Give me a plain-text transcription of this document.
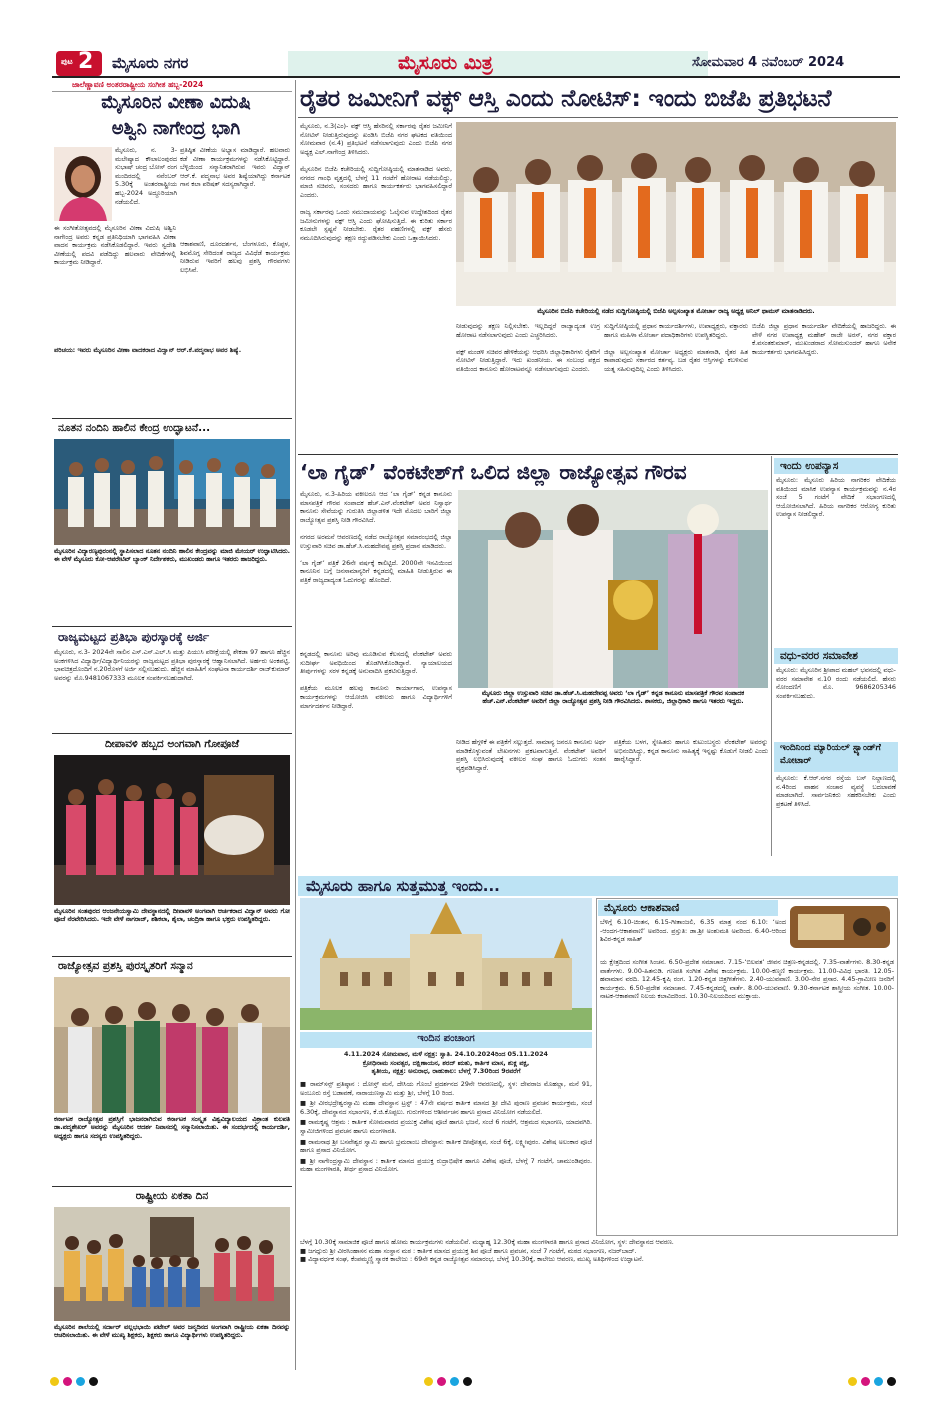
ಪುಟ 2 ಮೈಸೂರು ನಗರ	ಮೈಸೂರು ಮಿತ್ರ	ಸೋಮವಾರ 4 ನವೆಂಬರ್ 2024
ಜಾಲೆಣ್ಣಾವಣಿ ಅಂತರರಾಷ್ಟ್ರೀಯ ಸಂಗೀತ ಹಬ್ಬ-2024
ಮೈಸೂರಿನ ವೀಣಾ ವಿದುಷಿ
ಅಶ್ವಿನಿ ನಾಗೇಂದ್ರ ಭಾಗಿ
ಮೈಸೂರು, ನ. 3- ಮಲೇಷ್ಯಾದ ಕೌಲಾಲಂಪುರದ ಸುಭಾಷ್ ಚಂದ್ರ ಬೋಸ್ ರಂಗ ಮಂದಿರದಲ್ಲಿ ನವೆಂಬರ್ 5.30ಕ್ಕೆ ಅಂತರರಾಷ್ಟ್ರೀಯ ಹಬ್ಬ-2024 ಅದ್ದೂರಿಯಾಗಿ ನಡೆಯಲಿದೆ.
ಈ ಸಂಗೀತೋತ್ಸವದಲ್ಲಿ ಮೈಸೂರಿನ ವೀಣಾ ವಿದುಷಿ ಅಶ್ವಿನಿ ನಾಗೇಂದ್ರ ಅವರು ಕನ್ನಡ ಪ್ರತಿನಿಧಿಯಾಗಿ ಭಾಗವಹಿಸಿ ವೀಣಾ ವಾದನ ಕಾರ್ಯಕ್ರಮ ನಡೆಸಿಕೊಡಲಿದ್ದಾರೆ. ಇವರು ಸ್ವದೇಶಿ ವೀಣೆಯಲ್ಲಿ ಪದವಿ ಪಡೆದಿದ್ದು ಹಲವಾರು ವೇದಿಕೆಗಳಲ್ಲಿ ಕಾರ್ಯಕ್ರಮ ನೀಡಿದ್ದಾರೆ.
ಪ್ರತಿಷ್ಠಿತ ವೀಣೆಯ ಅಭ್ಯಾಸ ಮಾಡಿದ್ದಾರೆ. ಹಲವಾರು ಕಡೆ ವೀಣಾ ಕಾರ್ಯಕ್ರಮಗಳನ್ನು ನಡೆಸಿಕೊಟ್ಟಿದ್ದಾರೆ. ಬೆಳ್ಳಿಯಿಂದ ಸನ್ಮಾನಿತರಾಗಿರುವ ಇವರು ವಿದ್ವಾನ್ ಆರ್.ಕೆ. ಪದ್ಮನಾಭ ಅವರ ಶಿಷ್ಯೆಯಾಗಿದ್ದು ಕರ್ನಾಟಕ ಗಾನ ಕಲಾ ಪರಿಷತ್ ಸದಸ್ಯರಾಗಿದ್ದಾರೆ.
ಆಕಾಶವಾಣಿ, ದೂರದರ್ಶನ, ಬೆಂಗಳೂರು, ಕೊಪ್ಪಳ, ಶಿವಮೊಗ್ಗ ಸೇರಿದಂತೆ ರಾಜ್ಯದ ವಿವಿಧೆಡೆ ಕಾರ್ಯಕ್ರಮ ನೀಡಿರುವ ಇವರಿಗೆ ಹಲವು ಪ್ರಶಸ್ತಿ ಗೌರವಗಳು ಲಭಿಸಿವೆ.
ಪರಿಚಯ: ಇವರು ಮೈಸೂರಿನ ವೀಣಾ ವಾದಕರಾದ ವಿದ್ವಾನ್ ಆರ್.ಕೆ.ಪದ್ಮನಾಭ ಅವರ ಶಿಷ್ಯೆ.
ನೂತನ ನಂದಿನಿ ಹಾಲಿನ ಕೇಂದ್ರ ಉದ್ಘಾಟನೆ...
ಮೈಸೂರಿನ ವಿದ್ಯಾರಣ್ಯಪುರಂನಲ್ಲಿ ಸ್ಥಾಪಿಸಲಾದ ನೂತನ ನಂದಿನಿ ಹಾಲಿನ ಕೇಂದ್ರವನ್ನು ಮಾಜಿ ಮೇಯರ್ ಉದ್ಘಾಟಿಸಿದರು. ಈ ವೇಳೆ ಮೈಸೂರು ಕೋ-ಆಪರೇಟಿವ್ ಬ್ಯಾಂಕ್ ನಿರ್ದೇಶಕರು, ಮುಖಂಡರು ಹಾಗೂ ಇತರರು ಹಾಜರಿದ್ದರು.
ರಾಜ್ಯಮಟ್ಟದ ಪ್ರತಿಭಾ ಪುರಸ್ಕಾರಕ್ಕೆ ಅರ್ಜಿ
ಮೈಸೂರು, ನ.3- 2024ನೇ ಸಾಲಿನ ಎಸ್.ಎಸ್.ಎಲ್.ಸಿ ಮತ್ತು ಪಿಯುಸಿ ಪರೀಕ್ಷೆಯಲ್ಲಿ ಶೇಕಡಾ 97 ಹಾಗೂ ಹೆಚ್ಚಿನ ಅಂಕಗಳಿಸಿದ ವಿದ್ಯಾರ್ಥಿ/ವಿದ್ಯಾರ್ಥಿನಿಯರನ್ನು ರಾಜ್ಯಮಟ್ಟದ ಪ್ರತಿಭಾ ಪುರಸ್ಕಾರಕ್ಕೆ ಆಹ್ವಾನಿಸಲಾಗಿದೆ. ಅರ್ಹರು ಅಂಕಪಟ್ಟಿ, ಭಾವಚಿತ್ರದೊಂದಿಗೆ ನ.20ರೊಳಗೆ ಅರ್ಜಿ ಸಲ್ಲಿಸಬಹುದು. ಹೆಚ್ಚಿನ ಮಾಹಿತಿಗೆ ಸಂಘಟನಾ ಕಾರ್ಯದರ್ಶಿ ರಾಜ್‌ಕುಮಾರ್ ಅವರನ್ನು ಮೊ.9481067333 ಮೂಲಕ ಸಂಪರ್ಕಿಸಬಹುದಾಗಿದೆ.
ದೀಪಾವಳಿ ಹಬ್ಬದ ಅಂಗವಾಗಿ ಗೋಪೂಜೆ
ಮೈಸೂರಿನ ಸಂತಪುರದ ಆಂಜನೇಯಸ್ವಾಮಿ ದೇವಸ್ಥಾನದಲ್ಲಿ ದೀಪಾವಳಿ ಅಂಗವಾಗಿ ಆರ್ಚಕರಾದ ವಿದ್ವಾನ್ ಅವರು ಗೋ ಪೂಜೆ ನೆರವೇರಿಸಿದರು. ಇದೇ ವೇಳೆ ನಾಗರಾಜ್, ಶಶಿಕಲಾ, ಶೈಲಾ, ಚಂದ್ರಿಕಾ ಹಾಗೂ ಭಕ್ತರು ಉಪಸ್ಥಿತರಿದ್ದರು.
ರಾಜ್ಯೋತ್ಸವ ಪ್ರಶಸ್ತಿ ಪುರಸ್ಕೃತರಿಗೆ ಸನ್ಮಾನ
ಕರ್ನಾಟಕ ರಾಜ್ಯೋತ್ಸವ ಪ್ರಶಸ್ತಿಗೆ ಭಾಜನರಾಗಿರುವ ಕರ್ನಾಟಕ ಸಂಸ್ಕೃತ ವಿಶ್ವವಿದ್ಯಾಲಯದ ವಿಶ್ರಾಂತ ಕುಲಪತಿ ಡಾ.ಪದ್ಮಶೇಖರ್ ಅವರನ್ನು ಮೈಸೂರಿನ ಆದರ್ಶ ನಿವಾಸದಲ್ಲಿ ಸನ್ಮಾನಿಸಲಾಯಿತು. ಈ ಸಂದರ್ಭದಲ್ಲಿ ಕಾರ್ಯದರ್ಶಿ, ಅಧ್ಯಕ್ಷರು ಹಾಗೂ ಸದಸ್ಯರು ಉಪಸ್ಥಿತರಿದ್ದರು.
ರಾಷ್ಟ್ರೀಯ ಏಕತಾ ದಿನ
ಮೈಸೂರಿನ ಶಾಲೆಯಲ್ಲಿ ಸರ್ದಾರ್ ವಲ್ಲಭಭಾಯಿ ಪಟೇಲ್ ಅವರ ಜನ್ಮದಿನದ ಅಂಗವಾಗಿ ರಾಷ್ಟ್ರೀಯ ಏಕತಾ ದಿನವನ್ನು ಆಚರಿಸಲಾಯಿತು. ಈ ವೇಳೆ ಮುಖ್ಯ ಶಿಕ್ಷಕರು, ಶಿಕ್ಷಕರು ಹಾಗೂ ವಿದ್ಯಾರ್ಥಿಗಳು ಉಪಸ್ಥಿತರಿದ್ದರು.
ರೈತರ ಜಮೀನಿಗೆ ವಕ್ಫ್ ಆಸ್ತಿ ಎಂದು ನೋಟಿಸ್: ಇಂದು ಬಿಜೆಪಿ ಪ್ರತಿಭಟನೆ
ಮೈಸೂರು, ನ.3(ಎಂ)- ವಕ್ಫ್ ಆಸ್ತಿ ಹೆಸರಿನಲ್ಲಿ ಸರ್ಕಾರವು ರೈತರ ಜಮೀನಿಗೆ ನೋಟಿಸ್ ನೀಡುತ್ತಿರುವುದನ್ನು ಖಂಡಿಸಿ ಬಿಜೆಪಿ ನಗರ ಘಟಕದ ವತಿಯಿಂದ ಸೋಮವಾರ (ನ.4) ಪ್ರತಿಭಟನೆ ನಡೆಸಲಾಗುವುದು ಎಂದು ಬಿಜೆಪಿ ನಗರ ಅಧ್ಯಕ್ಷ ಎಲ್.ನಾಗೇಂದ್ರ ತಿಳಿಸಿದರು.

ಮೈಸೂರಿನ ಬಿಜೆಪಿ ಕಚೇರಿಯಲ್ಲಿ ಸುದ್ದಿಗೋಷ್ಠಿಯಲ್ಲಿ ಮಾತನಾಡಿದ ಅವರು, ನಗರದ ಗಾಂಧಿ ವೃತ್ತದಲ್ಲಿ ಬೆಳಗ್ಗೆ 11 ಗಂಟೆಗೆ ಹೋರಾಟ ನಡೆಯಲಿದ್ದು, ಮಾಜಿ ಸಚಿವರು, ಸಂಸದರು ಹಾಗೂ ಕಾರ್ಯಕರ್ತರು ಭಾಗವಹಿಸಲಿದ್ದಾರೆ ಎಂದರು.

ರಾಜ್ಯ ಸರ್ಕಾರವು ಒಂದು ಸಮುದಾಯವನ್ನು ಓಲೈಸುವ ಉದ್ದೇಶದಿಂದ ರೈತರ ಜಮೀನುಗಳನ್ನು ವಕ್ಫ್ ಆಸ್ತಿ ಎಂದು ಘೋಷಿಸುತ್ತಿದೆ. ಈ ಕುರಿತು ಸರ್ಕಾರ ಕೂಡಲೇ ಸ್ಪಷ್ಟನೆ ನೀಡಬೇಕು. ರೈತರ ಪಹಣಿಗಳಲ್ಲಿ ವಕ್ಫ್ ಹೆಸರು ನಮೂದಿಸಿರುವುದನ್ನು ತಕ್ಷಣ ರದ್ದುಪಡಿಸಬೇಕು ಎಂದು ಒತ್ತಾಯಿಸಿದರು.
ಮೈಸೂರಿನ ಬಿಜೆಪಿ ಕಚೇರಿಯಲ್ಲಿ ನಡೆದ ಸುದ್ದಿಗೋಷ್ಠಿಯಲ್ಲಿ ಬಿಜೆಪಿ ಅಲ್ಪಸಂಖ್ಯಾತ ಮೋರ್ಚಾ ರಾಜ್ಯ ಅಧ್ಯಕ್ಷ ಅನಿಲ್ ಥಾಮಸ್ ಮಾತನಾಡಿದರು.
ನೀಡುವುದನ್ನು ತಕ್ಷಣ ನಿಲ್ಲಿಸಬೇಕು. ಇಲ್ಲದಿದ್ದರೆ ರಾಜ್ಯಾದ್ಯಂತ ಉಗ್ರ ಹೋರಾಟ ನಡೆಸಲಾಗುವುದು ಎಂದು ಎಚ್ಚರಿಸಿದರು.

ವಕ್ಫ್ ಮಂಡಳಿ ಸಚಿವರ ಹೇಳಿಕೆಯನ್ನು ಆಧರಿಸಿ ಜಿಲ್ಲಾಧಿಕಾರಿಗಳು ರೈತರಿಗೆ ನೋಟಿಸ್ ನೀಡುತ್ತಿದ್ದಾರೆ. ಇದು ಖಂಡನೀಯ. ಈ ಸಂಬಂಧ ಪಕ್ಷದ ವತಿಯಿಂದ ಕಾನೂನು ಹೋರಾಟವನ್ನೂ ನಡೆಸಲಾಗುವುದು ಎಂದರು.
ಸುದ್ದಿಗೋಷ್ಠಿಯಲ್ಲಿ ಪ್ರಧಾನ ಕಾರ್ಯದರ್ಶಿಗಳು, ಉಪಾಧ್ಯಕ್ಷರು, ವಕ್ತಾರರು ಹಾಗೂ ಮಹಿಳಾ ಮೋರ್ಚಾ ಪದಾಧಿಕಾರಿಗಳು ಉಪಸ್ಥಿತರಿದ್ದರು.

ಜಿಲ್ಲಾ ಅಲ್ಪಸಂಖ್ಯಾತ ಮೋರ್ಚಾ ಅಧ್ಯಕ್ಷರು ಮಾತನಾಡಿ, ರೈತರ ಹಿತ ಕಾಪಾಡುವುದು ಸರ್ಕಾರದ ಕರ್ತವ್ಯ. ಬಡ ರೈತರ ಆಸ್ತಿಗಳನ್ನು ಕಬಳಿಸುವ ಯತ್ನ ಸಹಿಸುವುದಿಲ್ಲ ಎಂದು ತಿಳಿಸಿದರು.
ಬಿಜೆಪಿ ಜಿಲ್ಲಾ ಪ್ರಧಾನ ಕಾರ್ಯದರ್ಶಿ ವೇದಿಕೆಯಲ್ಲಿ ಹಾಜರಿದ್ದರು. ಈ ವೇಳೆ ನಗರ ಉಪಾಧ್ಯಕ್ಷ ಮಹೇಶ್ ರಾಜೇ ಅರಸ್, ನಗರ ವಕ್ತಾರ ಕೆ.ವಸಂತಕುಮಾರ್, ಮುಖಂಡರಾದ ಸೋಮಸುಂದರ್ ಹಾಗೂ ಅನೇಕ ಕಾರ್ಯಕರ್ತರು ಭಾಗವಹಿಸಿದ್ದರು.
‘ಲಾ ಗೈಡ್’ ವೆಂಕಟೇಶ್‌ಗೆ ಒಲಿದ ಜಿಲ್ಲಾ ರಾಜ್ಯೋತ್ಸವ ಗೌರವ
ಮೈಸೂರು, ನ.3-ಹಿರಿಯ ವಕೀಲರೂ ಆದ ‘ಲಾ ಗೈಡ್’ ಕನ್ನಡ ಕಾನೂನು ಮಾಸಪತ್ರಿಕೆ ಗೌರವ ಸಂಪಾದಕ ಹೆಚ್.ಎನ್.ವೆಂಕಟೇಶ್ ಅವರ ನಿಸ್ವಾರ್ಥ ಕಾನೂನು ಸೇವೆಯನ್ನು ಗುರುತಿಸಿ ಜಿಲ್ಲಾಡಳಿತ ಇದೇ ಮೊದಲ ಬಾರಿಗೆ ಜಿಲ್ಲಾ ರಾಜ್ಯೋತ್ಸವ ಪ್ರಶಸ್ತಿ ನೀಡಿ ಗೌರವಿಸಿದೆ.

ನಗರದ ಅರಮನೆ ಆವರಣದಲ್ಲಿ ನಡೆದ ರಾಜ್ಯೋತ್ಸವ ಸಮಾರಂಭದಲ್ಲಿ ಜಿಲ್ಲಾ ಉಸ್ತುವಾರಿ ಸಚಿವ ಡಾ.ಹೆಚ್.ಸಿ.ಮಹದೇವಪ್ಪ ಪ್ರಶಸ್ತಿ ಪ್ರದಾನ ಮಾಡಿದರು.

‘ಲಾ ಗೈಡ್’ ಪತ್ರಿಕೆ 26ನೇ ವರ್ಷಕ್ಕೆ ಕಾಲಿಟ್ಟಿದೆ. 2000ನೇ ಇಸವಿಯಿಂದ ಕಾನೂನಿನ ಬಗ್ಗೆ ಜನಸಾಮಾನ್ಯರಿಗೆ ಕನ್ನಡದಲ್ಲಿ ಮಾಹಿತಿ ನೀಡುತ್ತಿರುವ ಈ ಪತ್ರಿಕೆ ರಾಜ್ಯದಾದ್ಯಂತ ಓದುಗರನ್ನು ಹೊಂದಿದೆ.
ಕನ್ನಡದಲ್ಲಿ ಕಾನೂನು ಅರಿವು ಮೂಡಿಸುವ ಕೆಲಸದಲ್ಲಿ ವೆಂಕಟೇಶ್ ಅವರು ಸುದೀರ್ಘ ಅವಧಿಯಿಂದ ತೊಡಗಿಸಿಕೊಂಡಿದ್ದಾರೆ. ನ್ಯಾಯಾಲಯದ ತೀರ್ಪುಗಳನ್ನು ಸರಳ ಕನ್ನಡಕ್ಕೆ ಅನುವಾದಿಸಿ ಪ್ರಕಟಿಸುತ್ತಿದ್ದಾರೆ.

ಪತ್ರಿಕೆಯ ಮೂಲಕ ಹಲವು ಕಾನೂನು ಕಾರ್ಯಾಗಾರ, ಉಪನ್ಯಾಸ ಕಾರ್ಯಕ್ರಮಗಳನ್ನು ಆಯೋಜಿಸಿ ವಕೀಲರು ಹಾಗೂ ವಿದ್ಯಾರ್ಥಿಗಳಿಗೆ ಮಾರ್ಗದರ್ಶನ ನೀಡಿದ್ದಾರೆ.
ಮೈಸೂರು ಜಿಲ್ಲಾ ಉಸ್ತುವಾರಿ ಸಚಿವ ಡಾ.ಹೆಚ್.ಸಿ.ಮಹದೇವಪ್ಪ ಅವರು ‘ಲಾ ಗೈಡ್’ ಕನ್ನಡ ಕಾನೂನು ಮಾಸಪತ್ರಿಕೆ ಗೌರವ ಸಂಪಾದಕ ಹೆಚ್.ಎನ್.ವೆಂಕಟೇಶ್ ಅವರಿಗೆ ಜಿಲ್ಲಾ ರಾಜ್ಯೋತ್ಸವ ಪ್ರಶಸ್ತಿ ನೀಡಿ ಗೌರವಿಸಿದರು. ಶಾಸಕರು, ಜಿಲ್ಲಾಧಿಕಾರಿ ಹಾಗೂ ಇತರರು ಇದ್ದರು.
ನೀಡಿದ ಹೆಗ್ಗಳಿಕೆ ಈ ಪತ್ರಿಕೆಗೆ ಸಲ್ಲುತ್ತದೆ. ಸಾಮಾನ್ಯ ಜನರೂ ಕಾನೂನು ಅರ್ಥ ಮಾಡಿಕೊಳ್ಳುವಂತೆ ಲೇಖನಗಳು ಪ್ರಕಟವಾಗುತ್ತಿವೆ. ವೆಂಕಟೇಶ್ ಅವರಿಗೆ ಪ್ರಶಸ್ತಿ ಲಭಿಸಿರುವುದಕ್ಕೆ ವಕೀಲರ ಸಂಘ ಹಾಗೂ ಓದುಗರು ಸಂತಸ ವ್ಯಕ್ತಪಡಿಸಿದ್ದಾರೆ.
ಪತ್ರಿಕೆಯ ಬಳಗ, ಸ್ನೇಹಿತರು ಹಾಗೂ ಕುಟುಂಬಸ್ಥರು ವೆಂಕಟೇಶ್ ಅವರನ್ನು ಅಭಿನಂದಿಸಿದ್ದು, ಕನ್ನಡ ಕಾನೂನು ಸಾಹಿತ್ಯಕ್ಕೆ ಇನ್ನಷ್ಟು ಕೊಡುಗೆ ನೀಡಲಿ ಎಂದು ಹಾರೈಸಿದ್ದಾರೆ.
ಇಂದು ಉಪನ್ಯಾಸ
ಮೈಸೂರು: ಮೈಸೂರು ಹಿರಿಯ ನಾಗರಿಕರ ವೇದಿಕೆಯ ವತಿಯಿಂದ ಮಾಸಿಕ ಉಪನ್ಯಾಸ ಕಾರ್ಯಕ್ರಮವನ್ನು ನ.4ರ ಸಂಜೆ 5 ಗಂಟೆಗೆ ವೇದಿಕೆ ಸಭಾಂಗಣದಲ್ಲಿ ಆಯೋಜಿಸಲಾಗಿದೆ. ಹಿರಿಯ ನಾಗರಿಕರ ಆರೋಗ್ಯ ಕುರಿತು ಉಪನ್ಯಾಸ ನೀಡಲಿದ್ದಾರೆ.
ವಧು-ವರರ ಸಮಾವೇಶ
ಮೈಸೂರು: ಮೈಸೂರಿನ ಶ್ರೀಪಾದ ಮಹಲ್ ಭವನದಲ್ಲಿ ವಧು-ವರರ ಸಮಾವೇಶ ನ.10 ರಂದು ನಡೆಯಲಿದೆ. ಹೆಸರು ನೋಂದಣಿಗೆ ಮೊ. 9686205346 ಸಂಪರ್ಕಿಸಬಹುದು.
ಇಂದಿನಿಂದ ಮ್ಯಾರಿಯಲ್ ಸ್ಟ್ಯಾಂಡ್‌ಗೆ ಮೋಟಾರ್
ಮೈಸೂರು: ಕೆ.ಆರ್.ನಗರ ರಸ್ತೆಯ ಬಸ್ ನಿಲ್ದಾಣದಲ್ಲಿ ನ.4ರಿಂದ ವಾಹನ ಸಂಚಾರ ವ್ಯವಸ್ಥೆ ಬದಲಾವಣೆ ಮಾಡಲಾಗಿದೆ. ಸಾರ್ವಜನಿಕರು ಸಹಕರಿಸಬೇಕು ಎಂದು ಪ್ರಕಟಣೆ ತಿಳಿಸಿದೆ.
ಮೈಸೂರು ಹಾಗೂ ಸುತ್ತಮುತ್ತ ಇಂದು...
ಮೈಸೂರು ಆಕಾಶವಾಣಿ
ಬೆಳಿಗ್ಗೆ 6.10-ಚಿಂತನ, 6.15-ಗೀತಾಂಜಲಿ, 6.35 ಮಾತ್ರ ನಂದ 6.10: ‘ಅಂದ -ಆಂದಗ-ಆಕಾಶವಾಣಿ’ ಅವರಿಂದ. ಪ್ರಸ್ತುತಿ: ಡಾ.ಶ್ರೀ ಅಂಶುಮತಿ ಅವರಿಂದ. 6.40-ಆರಿಂದ ಶಿವಿರ-ಕನ್ನಡ ಸಾಹಿತ್
ಯ ಕ್ಷೇತ್ರದಿಂದ ಸಂಗೀತ ಸಿಂಚನ. 6.50-ಪ್ರದೇಶ ಸಮಾಚಾರ. 7.15-‘ಬಿಲವತ’ ಜೀವನ ಚಿತ್ರಣ-ಕನ್ನಡದಲ್ಲಿ. 7.35-ವಾರ್ತೆಗಳು. 8.30-ಕನ್ನಡ ವಾರ್ತೆಗಳು. 9.00-ಹಿತನುಡಿ. ಗಣಪತಿ ಸಂಗೀತ ವಿಶೇಷ ಕಾರ್ಯಕ್ರಮ. 10.00-ಕಣ್ಮಣಿ ಕಾರ್ಯಕ್ರಮ. 11.00-ವಿವಿಧ ಭಾರತಿ. 12.05-ಹವಾಮಾನ ವರದಿ. 12.45-ಕೃಷಿ ರಂಗ. 1.20-ಕನ್ನಡ ಚಿತ್ರಗೀತೆಗಳು. 2.40-ಯುವವಾಣಿ. 3.00-ನೇರ ಪ್ರಸಾರ. 4.45-ಗ್ರಾಮೀಣ ಜನರಿಗೆ ಕಾರ್ಯಕ್ರಮ. 6.50-ಪ್ರದೇಶ ಸಮಾಚಾರ. 7.45-ಕನ್ನಡದಲ್ಲಿ ವಾರ್ತೆ. 8.00-ಯುವವಾಣಿ. 9.30-ಕರ್ನಾಟಕ ಶಾಸ್ತ್ರೀಯ ಸಂಗೀತ. 10.00-ನಾಟಕ-ಆಕಾಶವಾಣಿ ನಿಲಯ ಕಲಾವಿದರಿಂದ. 10.30-ನಿಲಯದಿಂದ ಮುಕ್ತಾಯ.
ಇಂದಿನ ಪಂಚಾಂಗ
4.11.2024 ಸೋಮವಾರ, ಮಳೆ ನಕ್ಷತ್ರ: ಸ್ವಾತಿ. 24.10.2024ರಿಂದ 05.11.2024
ಕ್ರೋಧಿನಾಮ ಸಂವತ್ಸರ, ದಕ್ಷಿಣಾಯನ, ಶರದ್ ಋತು, ಕಾರ್ತಿಕ ಮಾಸ, ಶುಕ್ಲ ಪಕ್ಷ,
ತೃತೀಯ, ನಕ್ಷತ್ರ: ಅನುರಾಧ, ರಾಹುಕಾಲ: ಬೆಳಗ್ಗೆ 7.30ರಿಂದ 9ರವರೆಗೆ
■ ರಾಮ್‌ಸನ್ಸ್ ಪ್ರತಿಷ್ಠಾನ : ದೋಸ್ತ್ ಮನೆ, ದೇಸಿಯ ಗೊಂಬೆ ಪ್ರದರ್ಶನದ 29ನೇ ಆವರಣದಲ್ಲಿ, ಸ್ಥಳ: ದೇವರಾಜ ಮೊಹಲ್ಲಾ, ಮನೆ 91, ಅಂಬೂರು ರಸ್ತೆ ಬಡಾವಣೆ, ನಾರಾಯಣಸ್ವಾಮಿ ಮತ್ತು ಶ್ರೀ, ಬೆಳಗ್ಗೆ 10 ರಿಂದ.
■ ಶ್ರೀ ವೀರಭದ್ರೇಶ್ವರಸ್ವಾಮಿ ಮಹಾ ದೇವಸ್ಥಾನ ಟ್ರಸ್ಟ್ : 47ನೇ ವರ್ಷದ ಕಾರ್ತಿಕ ಮಾಸದ ಶ್ರೀ ದೇವಿ ಪುರಾಣ ಪ್ರವಚನ ಕಾರ್ಯಕ್ರಮ, ಸಂಜೆ 6.30ಕ್ಕೆ, ದೇವಸ್ಥಾನದ ಸಭಾಂಗಣ, ಕೆ.ಜಿ.ಕೊಪ್ಪಲು. ಗುರುಗಳಿಂದ ಆಶೀರ್ವಚನ ಹಾಗೂ ಪ್ರಸಾದ ವಿನಿಯೋಗ ನಡೆಯಲಿದೆ.
■ ರಾಮಕೃಷ್ಣ ಆಶ್ರಮ : ಕಾರ್ತಿಕ ಸೋಮವಾರದ ಪ್ರಯುಕ್ತ ವಿಶೇಷ ಪೂಜೆ ಹಾಗೂ ಭಜನೆ, ಸಂಜೆ 6 ಗಂಟೆಗೆ, ಆಶ್ರಮದ ಸಭಾಂಗಣ, ಯಾದವಗಿರಿ. ಸ್ವಾಮೀಜಿಗಳಿಂದ ಪ್ರವಚನ ಹಾಗೂ ಮಂಗಳಾರತಿ.
■ ರಾಮನಾಥ ಶ್ರೀ ಬಸವೇಶ್ವರ ಸ್ವಾಮಿ ಹಾಗೂ ಭ್ರಮರಾಂಬ ದೇವಸ್ಥಾನ: ಕಾರ್ತಿಕ ದೀಪೋತ್ಸವ, ಸಂಜೆ 6ಕ್ಕೆ, ಲಕ್ಷ್ಮೀಪುರಂ. ವಿಶೇಷ ಅಲಂಕಾರ ಪೂಜೆ ಹಾಗೂ ಪ್ರಸಾದ ವಿನಿಯೋಗ.
■ ಶ್ರೀ ನಾಗೇಂದ್ರಸ್ವಾಮಿ ದೇವಸ್ಥಾನ : ಕಾರ್ತಿಕ ಮಾಸದ ಪ್ರಯುಕ್ತ ರುದ್ರಾಭಿಷೇಕ ಹಾಗೂ ವಿಶೇಷ ಪೂಜೆ, ಬೆಳಗ್ಗೆ 7 ಗಂಟೆಗೆ, ಚಾಮುಂಡಿಪುರಂ. ಮಹಾ ಮಂಗಳಾರತಿ, ತೀರ್ಥ ಪ್ರಸಾದ ವಿನಿಯೋಗ.
ಬೆಳಗ್ಗೆ 10.30ಕ್ಕೆ ಸಾಮಾಜಿಕ ಪೂಜೆ ಹಾಗೂ ಹೋಮ ಕಾರ್ಯಕ್ರಮಗಳು ನಡೆಯಲಿವೆ. ಮಧ್ಯಾಹ್ನ 12.30ಕ್ಕೆ ಮಹಾ ಮಂಗಳಾರತಿ ಹಾಗೂ ಪ್ರಸಾದ ವಿನಿಯೋಗ, ಸ್ಥಳ: ದೇವಸ್ಥಾನದ ಆವರಣ.
■ ಜಗದ್ಗುರು ಶ್ರೀ ವೀರಸಿಂಹಾಸನ ಮಹಾ ಸಂಸ್ಥಾನ ಮಠ : ಕಾರ್ತಿಕ ಮಾಸದ ಪ್ರಯುಕ್ತ ಶಿವ ಪೂಜೆ ಹಾಗೂ ಪ್ರವಚನ, ಸಂಜೆ 7 ಗಂಟೆಗೆ, ಮಠದ ಸಭಾಂಗಣ, ನಜರ್‌ಬಾದ್.
■ ವಿದ್ಯಾವರ್ಧಕ ಸಂಘ, ಕೆಂಪಮ್ಮಣ್ಣಿ ಸ್ಮಾರಕ ಕಾಲೇಜು : 69ನೇ ಕನ್ನಡ ರಾಜ್ಯೋತ್ಸವ ಸಮಾರಂಭ, ಬೆಳಗ್ಗೆ 10.30ಕ್ಕೆ, ಕಾಲೇಜು ಆವರಣ, ಮುಖ್ಯ ಅತಿಥಿಗಳಿಂದ ಉದ್ಘಾಟನೆ.
